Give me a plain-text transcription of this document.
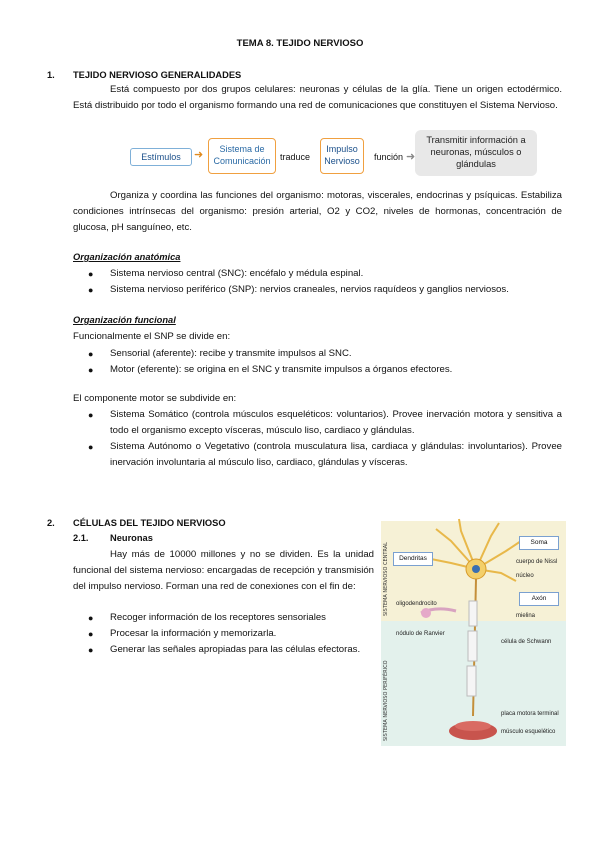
TEMA 8. TEJIDO NERVIOSO
1. TEJIDO NERVIOSO GENERALIDADES
Está compuesto por dos grupos celulares: neuronas y células de la glía. Tiene un origen ectodérmico. Está distribuido por todo el organismo formando una red de comunicaciones que constituyen el Sistema Nervioso.
Estímulos	➜	Sistema de Comunicación	traduce
Impulso Nervioso	función ➜
Transmitir información a neuronas, músculos o glándulas
Organiza y coordina las funciones del organismo: motoras, viscerales, endocrinas y psíquicas. Estabiliza condiciones intrínsecas del organismo: presión arterial, O2 y CO2, niveles de hormonas, concentración de glucosa, pH sanguíneo, etc.
Organización anatómica
● Sistema nervioso central (SNC): encéfalo y médula espinal.
● Sistema nervioso periférico (SNP): nervios craneales, nervios raquídeos y ganglios nerviosos.
Organización funcional
Funcionalmente el SNP se divide en:
● Sensorial (aferente): recibe y transmite impulsos al SNC.
● Motor (eferente): se origina en el SNC y transmite impulsos a órganos efectores.
El componente motor se subdivide en:
● Sistema Somático (controla músculos esqueléticos: voluntarios). Provee inervación motora y sensitiva a todo el organismo excepto vísceras, músculo liso, cardiaco y glándulas.
● Sistema Autónomo o Vegetativo (controla musculatura lisa, cardiaca y glándulas: involuntarios). Provee inervación involuntaria al músculo liso, cardiaco, glándulas y vísceras.
2. CÉLULAS DEL TEJIDO NERVIOSO
2.1. Neuronas
Hay más de 10000 millones y no se dividen. Es la unidad funcional del sistema nervioso: encargadas de recepción y transmisión del impulso nervioso. Forman una red de conexiones con el fin de:
● Recoger información de los receptores sensoriales
● Procesar la información y memorizarla.
● Generar las señales apropiadas para las células efectoras.
SISTEMA NERVIOSO CENTRAL
SISTEMA NERVIOSO PERIFÉRICO
Dendritas
Soma
Axón
oligodendrocito
nódulo de Ranvier
cuerpo de Nissl
núcleo
mielina
célula de Schwann
placa motora terminal
músculo esquelético
